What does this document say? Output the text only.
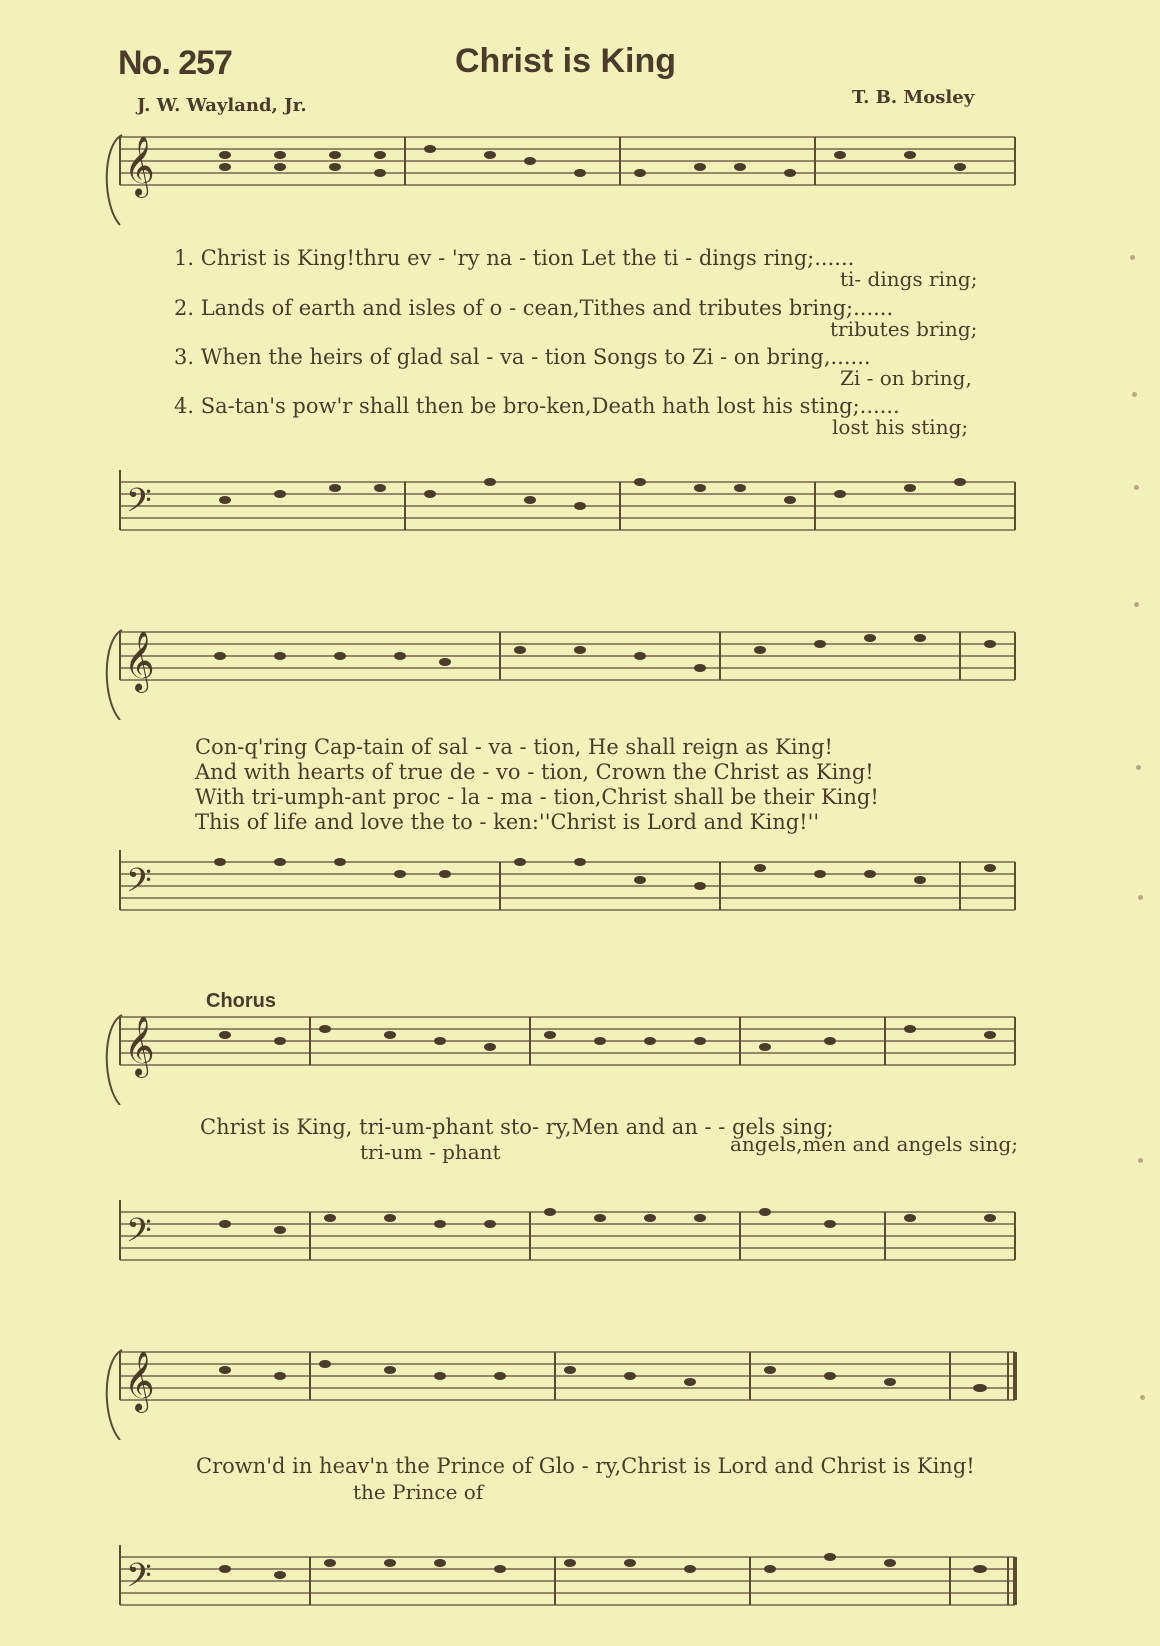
No. 257	Christ is King
J. W. Wayland, Jr.	T. B. Mosley
𝄞
1. Christ is King!thru ev - 'ry na - tion Let the ti - dings ring;......
ti- dings ring;
2. Lands of earth and isles of o - cean,Tithes and tributes bring;......
tributes bring;
3. When the heirs of glad sal - va - tion Songs to Zi - on bring,......
Zi - on bring,
4. Sa-tan's pow'r shall then be bro-ken,Death hath lost his sting;......
lost his sting;
𝄢
𝄞
Con-q'ring Cap-tain of sal - va - tion, He shall reign as King!
And with hearts of true de - vo - tion, Crown the Christ as King!
With tri-umph-ant proc - la - ma - tion,Christ shall be their King!
This of life and love the to - ken:''Christ is Lord and King!''
𝄢
Chorus
𝄞
Christ is King, tri-um-phant sto- ry,Men and an - - gels sing;
tri-um - phant	angels,men and angels sing;
𝄢
𝄞
Crown'd in heav'n the Prince of Glo - ry,Christ is Lord and Christ is King!
the Prince of
𝄢
